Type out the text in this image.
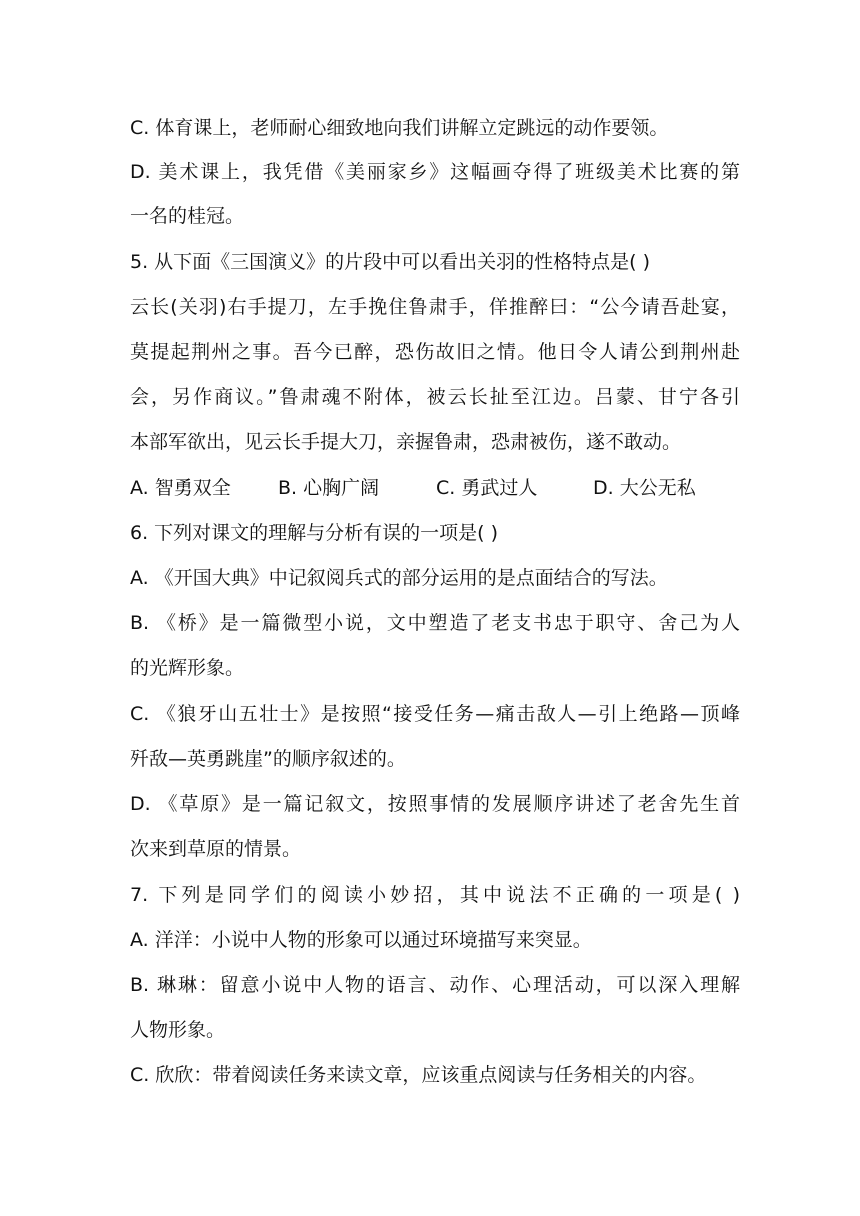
C. 体育课上，老师耐心细致地向我们讲解立定跳远的动作要领。
D. 美术课上，我凭借《美丽家乡》这幅画夺得了班级美术比赛的第
一名的桂冠。
5. 从下面《三国演义》的片段中可以看出关羽的性格特点是( )
云长(关羽)右手提刀，左手挽住鲁肃手，佯推醉曰：“公今请吾赴宴，
莫提起荆州之事。吾今已醉，恐伤故旧之情。他日令人请公到荆州赴
会，另作商议。”鲁肃魂不附体，被云长扯至江边。吕蒙、甘宁各引
本部军欲出，见云长手提大刀，亲握鲁肃，恐肃被伤，遂不敢动。
A. 智勇双全 B. 心胸广阔	C. 勇武过人	D. 大公无私
6. 下列对课文的理解与分析有误的一项是( )
A. 《开国大典》中记叙阅兵式的部分运用的是点面结合的写法。
B. 《桥》是一篇微型小说，文中塑造了老支书忠于职守、舍己为人
的光辉形象。
C. 《狼牙山五壮士》是按照“接受任务—痛击敌人—引上绝路—顶峰
歼敌—英勇跳崖”的顺序叙述的。
D. 《草原》是一篇记叙文，按照事情的发展顺序讲述了老舍先生首
次来到草原的情景。
7. 下列是同学们的阅读小妙招，其中说法不正确的一项是( )
A. 洋洋：小说中人物的形象可以通过环境描写来突显。
B. 琳琳：留意小说中人物的语言、动作、心理活动，可以深入理解
人物形象。
C. 欣欣：带着阅读任务来读文章，应该重点阅读与任务相关的内容。
